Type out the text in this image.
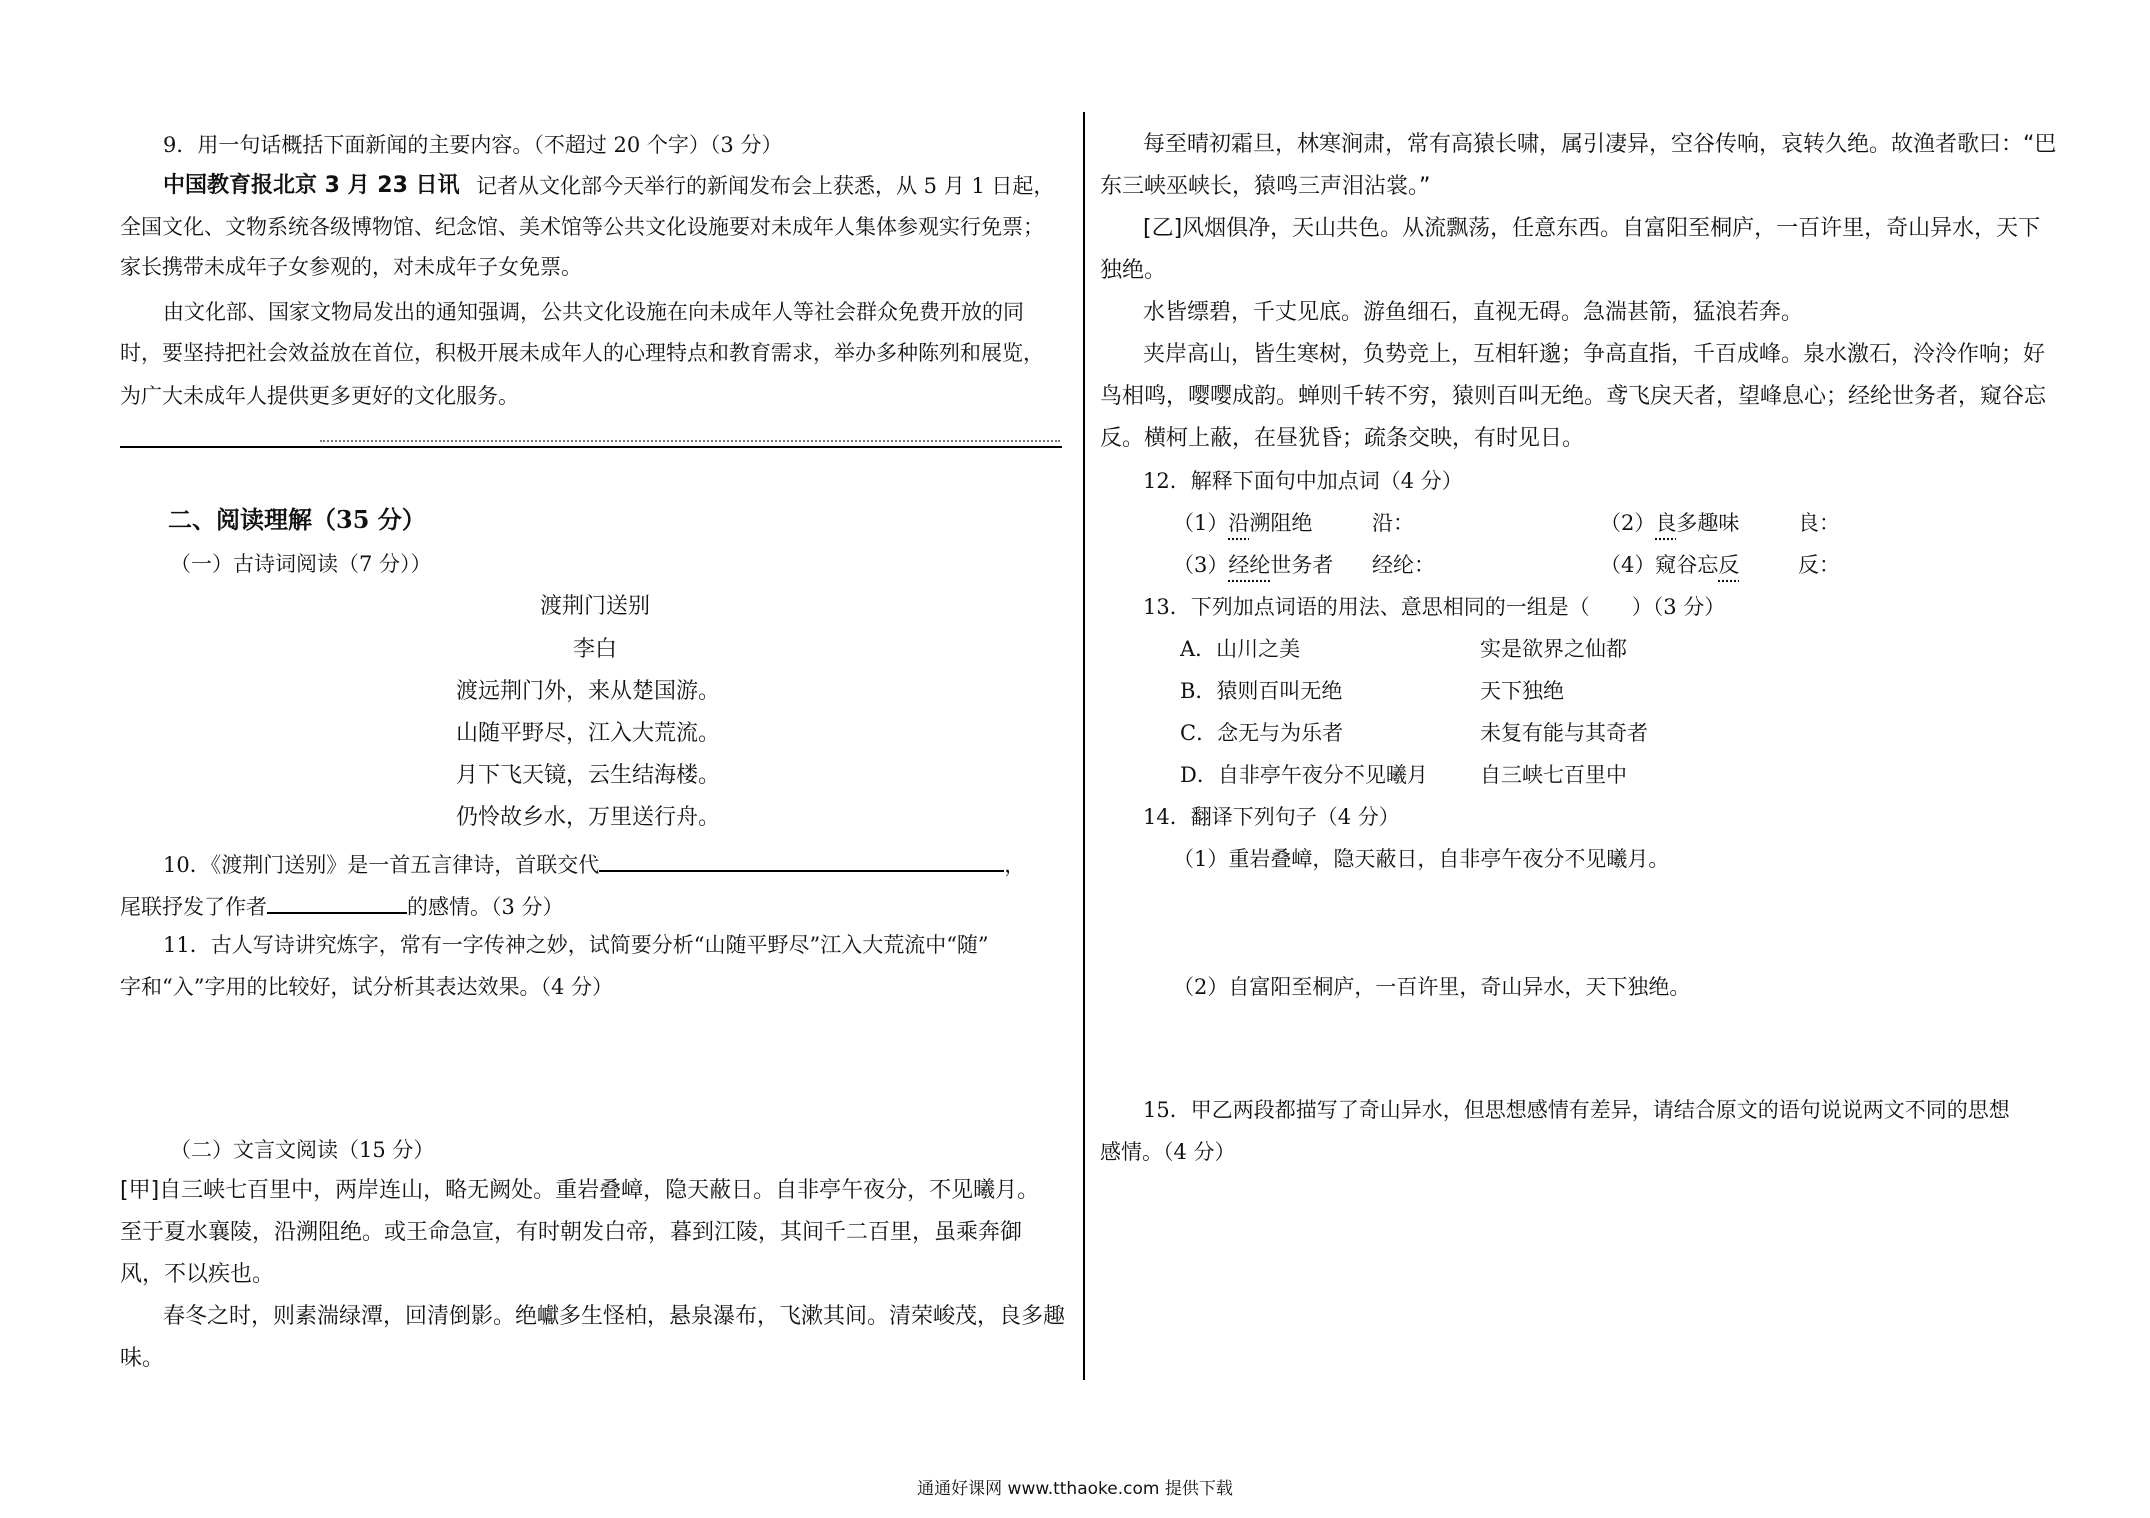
9．用一句话概括下面新闻的主要内容。（不超过 20 个字）（3 分）
中国教育报北京 3 月 23 日讯 记者从文化部今天举行的新闻发布会上获悉，从 5 月 1 日起，
全国文化、文物系统各级博物馆、纪念馆、美术馆等公共文化设施要对未成年人集体参观实行免票；
家长携带未成年子女参观的，对未成年子女免票。
由文化部、国家文物局发出的通知强调，公共文化设施在向未成年人等社会群众免费开放的同
时，要坚持把社会效益放在首位，积极开展未成年人的心理特点和教育需求，举办多种陈列和展览，
为广大未成年人提供更多更好的文化服务。
二、阅读理解（35 分）
（一）古诗词阅读（7 分））
渡荆门送别
李白
渡远荆门外，来从楚国游。
山随平野尽，江入大荒流。
月下飞天镜，云生结海楼。
仍怜故乡水，万里送行舟。
10．《渡荆门送别》是一首五言律诗，首联交代	，
尾联抒发了作者	的感情。（3 分）
11．古人写诗讲究炼字，常有一字传神之妙，试简要分析“山随平野尽”江入大荒流中“随”
字和“入”字用的比较好，试分析其表达效果。（4 分）
（二）文言文阅读（15 分）
[甲]自三峡七百里中，两岸连山，略无阙处。重岩叠嶂，隐天蔽日。自非亭午夜分，不见曦月。
至于夏水襄陵，沿溯阻绝。或王命急宣，有时朝发白帝，暮到江陵，其间千二百里，虽乘奔御
风，不以疾也。
春冬之时，则素湍绿潭，回清倒影。绝巘多生怪柏，悬泉瀑布，飞漱其间。清荣峻茂，良多趣
味。
每至晴初霜旦，林寒涧肃，常有高猿长啸，属引凄异，空谷传响，哀转久绝。故渔者歌曰：“巴
东三峡巫峡长，猿鸣三声泪沾裳。”
[乙]风烟俱净，天山共色。从流飘荡，任意东西。自富阳至桐庐，一百许里，奇山异水，天下
独绝。
水皆缥碧，千丈见底。游鱼细石，直视无碍。急湍甚箭，猛浪若奔。
夹岸高山，皆生寒树，负势竞上，互相轩邈；争高直指，千百成峰。泉水激石，泠泠作响；好
鸟相鸣，嘤嘤成韵。蝉则千转不穷，猿则百叫无绝。鸢飞戾天者，望峰息心；经纶世务者，窥谷忘
反。横柯上蔽，在昼犹昏；疏条交映，有时见日。
12．解释下面句中加点词（4 分）
（1）沿溯阻绝	沿：	（2）良多趣味	良：
（3）经纶世务者 经纶：	（4）窥谷忘反	反：
13．下列加点词语的用法、意思相同的一组是（　　）（3 分）
A．山川之美	实是欲界之仙都
B．猿则百叫无绝	天下独绝
C．念无与为乐者	未复有能与其奇者
D．自非亭午夜分不见曦月 自三峡七百里中
14．翻译下列句子（4 分）
（1）重岩叠嶂，隐天蔽日，自非亭午夜分不见曦月。
（2）自富阳至桐庐，一百许里，奇山异水，天下独绝。
15．甲乙两段都描写了奇山异水，但思想感情有差异，请结合原文的语句说说两文不同的思想
感情。（4 分）
通通好课网 www.tthaoke.com 提供下载
